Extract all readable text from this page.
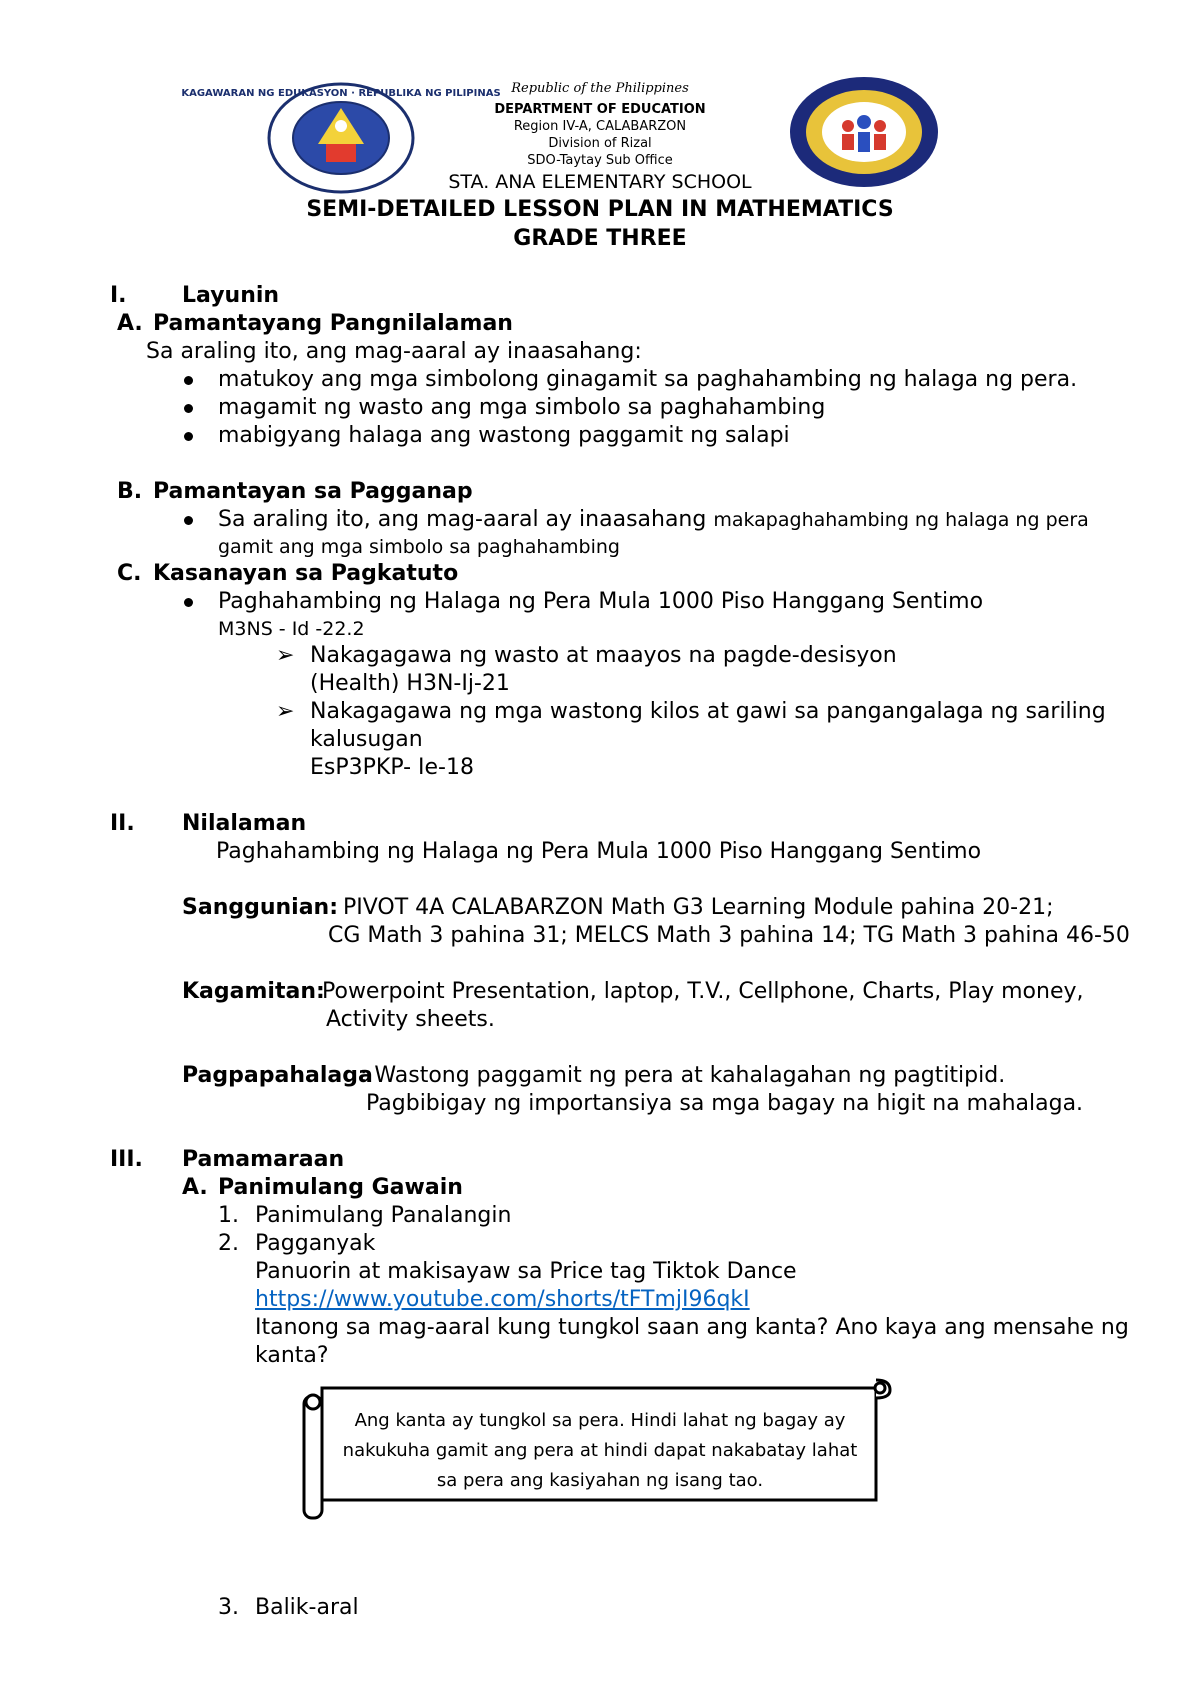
KAGAWARAN NG EDUKASYON · REPUBLIKA NG PILIPINAS Republic of the Philippines
DEPARTMENT OF EDUCATION
Region IV-A, CALABARZON
Division of Rizal
SDO-Taytay Sub Office
STA. ANA ELEMENTARY SCHOOL
SEMI-DETAILED LESSON PLAN IN MATHEMATICS
GRADE THREE
I.	Layunin
A. Pamantayang Pangnilalaman
Sa araling ito, ang mag-aaral ay inaasahang:
matukoy ang mga simbolong ginagamit sa paghahambing ng halaga ng pera.
magamit ng wasto ang mga simbolo sa paghahambing
mabigyang halaga ang wastong paggamit ng salapi
B. Pamantayan sa Pagganap
Sa araling ito, ang mag-aaral ay inaasahang makapaghahambing ng halaga ng pera
gamit ang mga simbolo sa paghahambing
C. Kasanayan sa Pagkatuto
Paghahambing ng Halaga ng Pera Mula 1000 Piso Hanggang Sentimo
M3NS - Id -22.2
➢ Nakagagawa ng wasto at maayos na pagde-desisyon
(Health) H3N-Ij-21
➢ Nakagagawa ng mga wastong kilos at gawi sa pangangalaga ng sariling
kalusugan
EsP3PKP- Ie-18
II. Nilalaman
Paghahambing ng Halaga ng Pera Mula 1000 Piso Hanggang Sentimo
Sanggunian: PIVOT 4A CALABARZON Math G3 Learning Module pahina 20-21;
CG Math 3 pahina 31; MELCS Math 3 pahina 14; TG Math 3 pahina 46-50
Kagamitan:
Powerpoint Presentation, laptop, T.V., Cellphone, Charts, Play money,
Activity sheets.
Pagpapahalaga
: Wastong paggamit ng pera at kahalagahan ng pagtitipid.
Pagbibigay ng importansiya sa mga bagay na higit na mahalaga.
III. Pamamaraan
A. Panimulang Gawain
1. Panimulang Panalangin
2. Pagganyak
Panuorin at makisayaw sa Price tag Tiktok Dance
https://www.youtube.com/shorts/tFTmjI96qkI
Itanong sa mag-aaral kung tungkol saan ang kanta? Ano kaya ang mensahe ng
kanta?
Ang kanta ay tungkol sa pera. Hindi lahat ng bagay ay
nakukuha gamit ang pera at hindi dapat nakabatay lahat
sa pera ang kasiyahan ng isang tao.
3. Balik-aral
